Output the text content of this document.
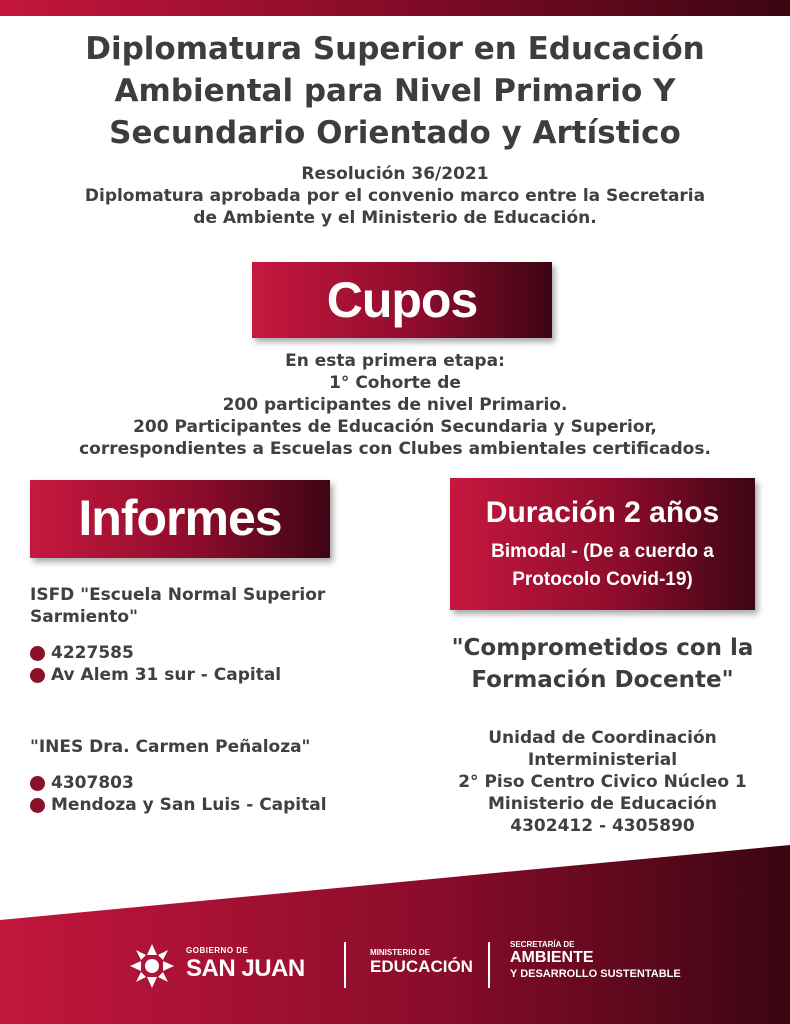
Diplomatura Superior en Educación
Ambiental para Nivel Primario Y
Secundario Orientado y Artístico
Resolución 36/2021
Diplomatura aprobada por el convenio marco entre la Secretaria
de Ambiente y el Ministerio de Educación.
Cupos
En esta primera etapa:
1° Cohorte de
200 participantes de nivel Primario.
200 Participantes de Educación Secundaria y Superior,
correspondientes a Escuelas con Clubes ambientales certificados.
Informes	Duración 2 años
Bimodal - (De a cuerdo a
Protocolo Covid-19)
ISFD "Escuela Normal Superior
Sarmiento"
4227585
Av Alem 31 sur - Capital
"INES Dra. Carmen Peñaloza"
4307803
Mendoza y San Luis - Capital
"Comprometidos con la
Formación Docente"
Unidad de Coordinación
Interministerial
2° Piso Centro Civico Núcleo 1
Ministerio de Educación
4302412 - 4305890
GOBIERNO DE
SAN JUAN
MINISTERIO DE
EDUCACIÓN
SECRETARÍA DE
AMBIENTE
Y DESARROLLO SUSTENTABLE
